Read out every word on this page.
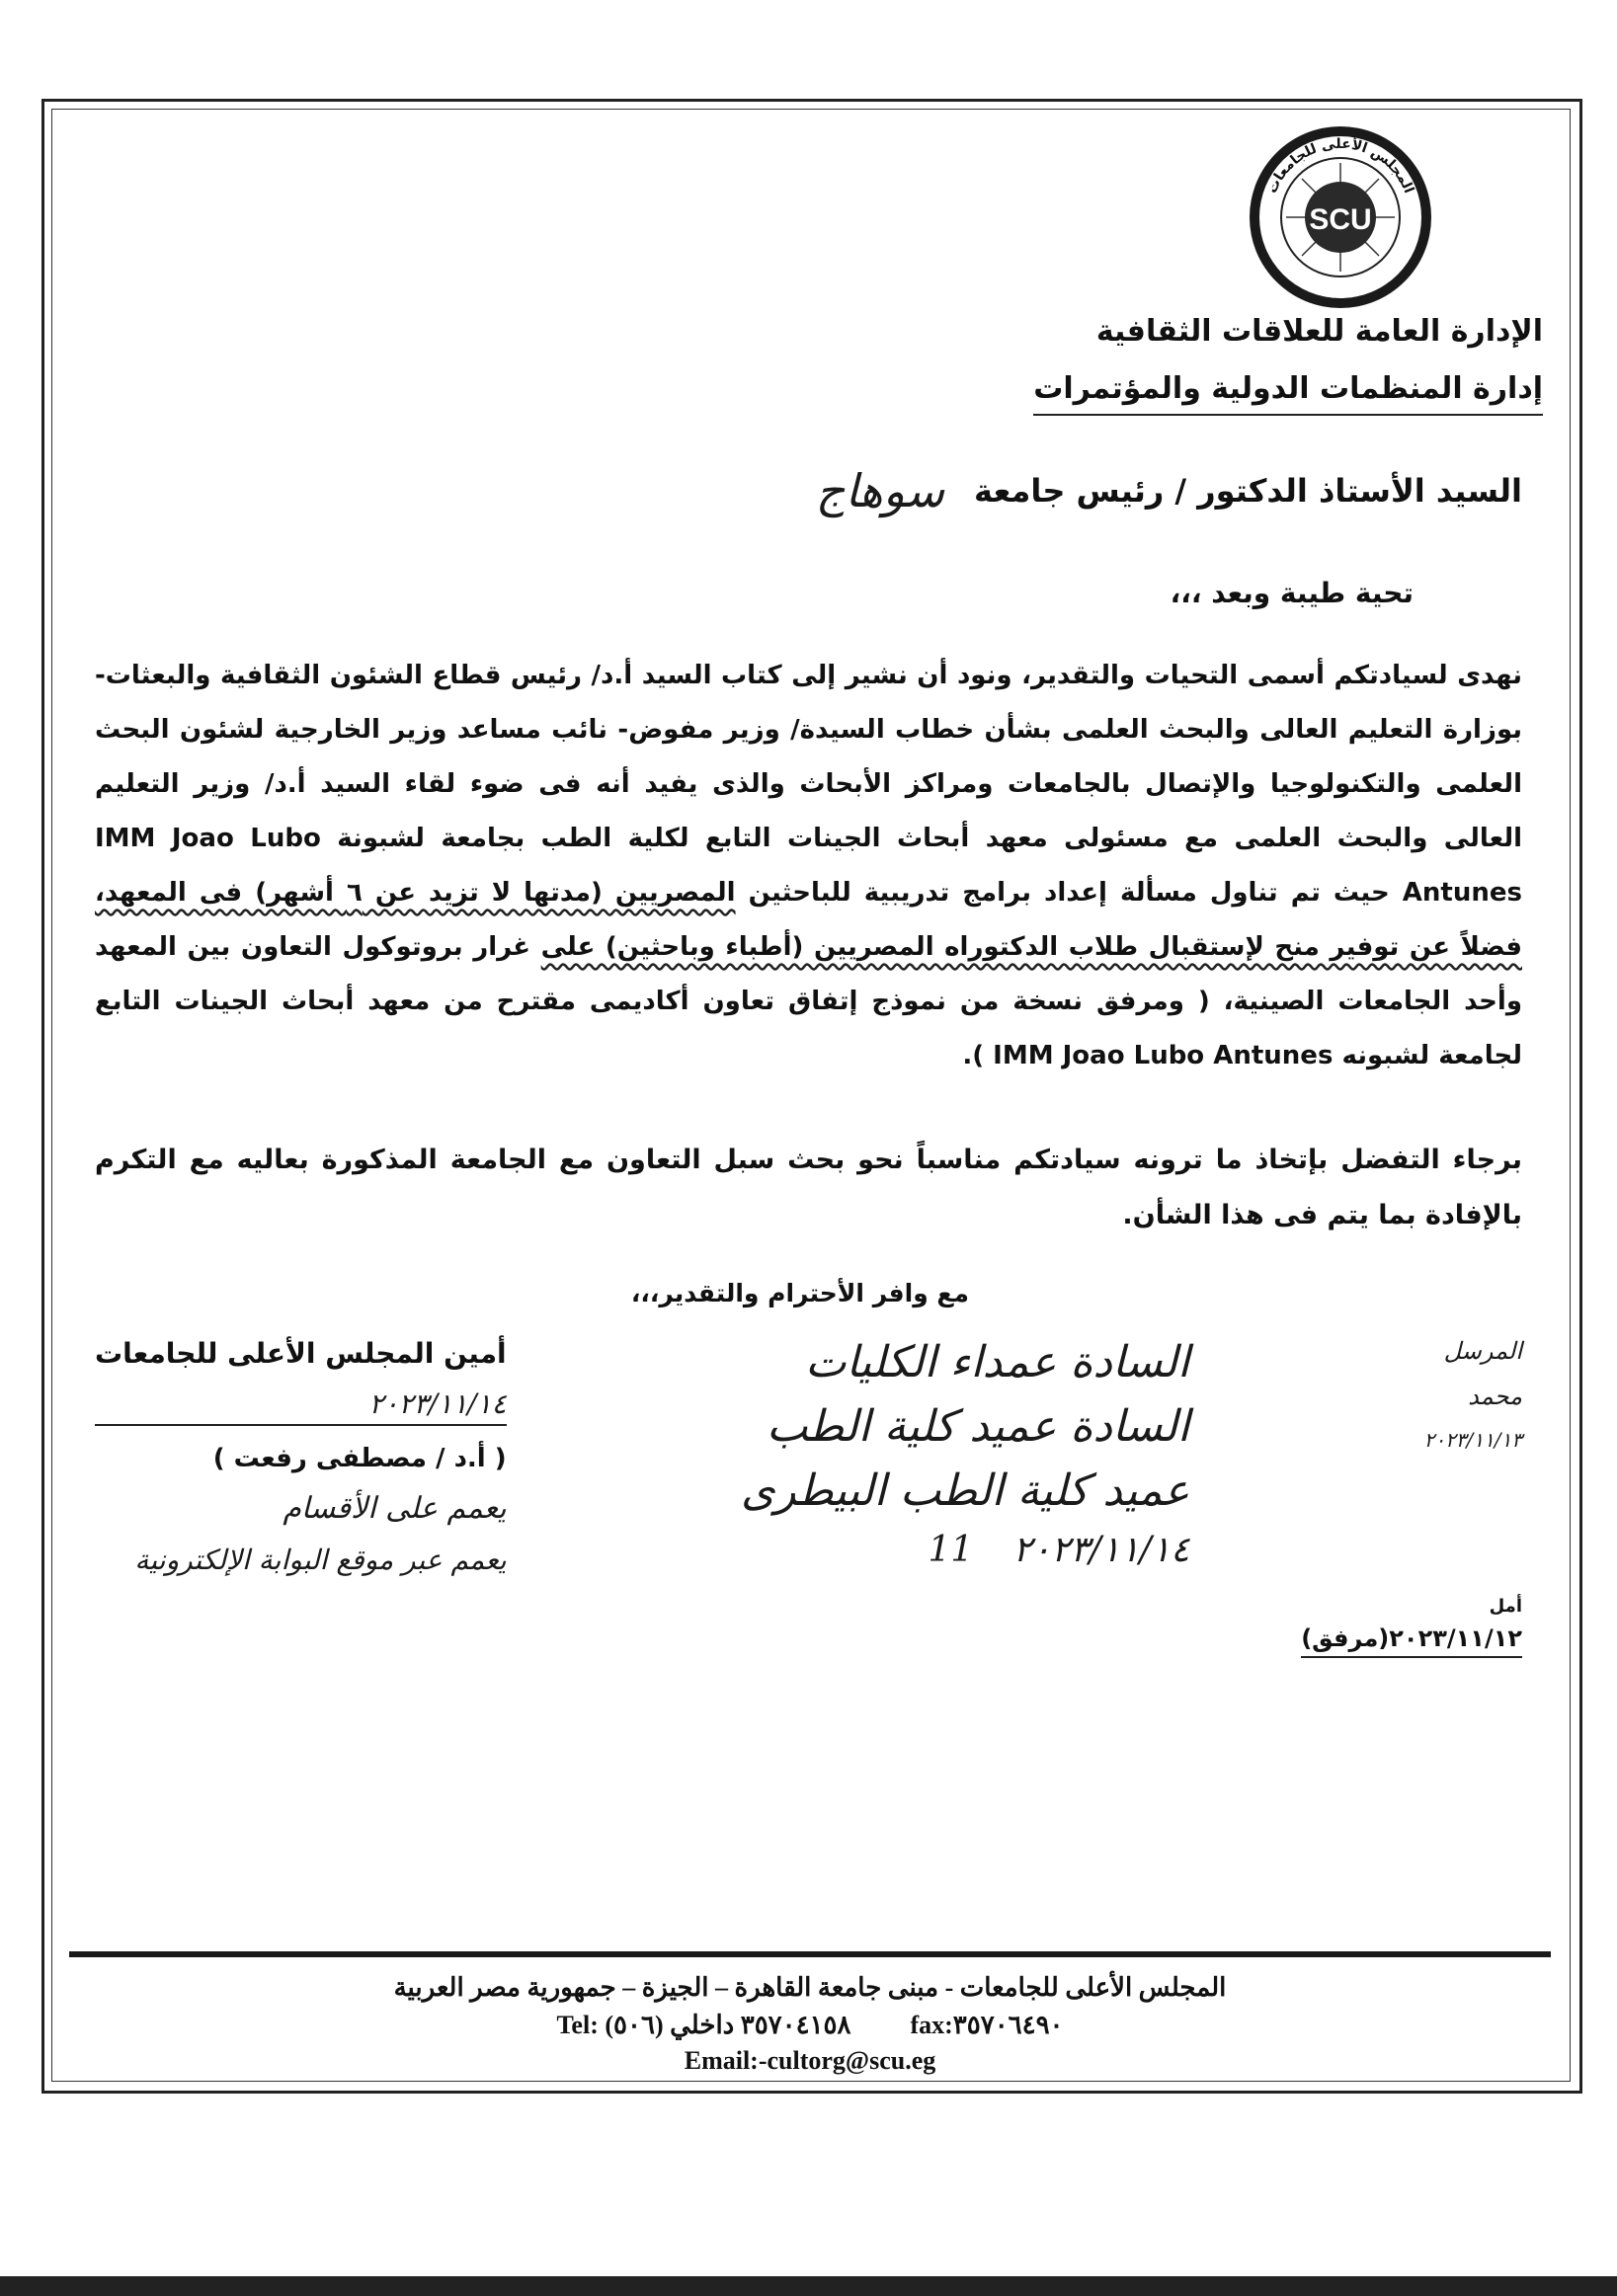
SCU
المجلس الأعلى للجامعات
SUPREME COUNCIL OF UNIVERSITIES
الإدارة العامة للعلاقات الثقافية
إدارة المنظمات الدولية والمؤتمرات
السيد الأستاذ الدكتور / رئيس جامعة
سوهاج
تحية طيبة وبعد ،،،
نهدى لسيادتكم أسمى التحيات والتقدير، ونود أن نشير إلى كتاب السيد أ.د/ رئيس قطاع الشئون الثقافية والبعثات- بوزارة التعليم العالى والبحث العلمى بشأن خطاب السيدة/ وزير مفوض- نائب مساعد وزير الخارجية لشئون البحث العلمى والتكنولوجيا والإتصال بالجامعات ومراكز الأبحاث والذى يفيد أنه فى ضوء لقاء السيد أ.د/ وزير التعليم العالى والبحث العلمى مع مسئولى معهد أبحاث الجينات التابع لكلية الطب بجامعة لشبونة IMM Joao Lubo Antunes حيث تم تناول مسألة إعداد برامج تدريبية للباحثين المصريين (مدتها لا تزيد عن ٦ أشهر) فى المعهد، فضلاً عن توفير منح لإستقبال طلاب الدكتوراه المصريين (أطباء وباحثين) على غرار بروتوكول التعاون بين المعهد وأحد الجامعات الصينية، ( ومرفق نسخة من نموذج إتفاق تعاون أكاديمى مقترح من معهد أبحاث الجينات التابع لجامعة لشبونه IMM Joao Lubo Antunes ).
برجاء التفضل بإتخاذ ما ترونه سيادتكم مناسباً نحو بحث سبل التعاون مع الجامعة المذكورة بعاليه مع التكرم بالإفادة بما يتم فى هذا الشأن.
مع وافر الأحترام والتقدير،،،
المرسل
محمد
٢٠٢٣/١١/١٣
السادة عمداء الكليات
السادة عميد كلية الطب
عميد كلية الطب البيطرى
٢٠٢٣/١١/١٤
11
أمين المجلس الأعلى للجامعات
٢٠٢٣/١١/١٤
( أ.د / مصطفى رفعت )
يعمم على الأقسام
يعمم عبر موقع البوابة الإلكترونية
أمل
٢٠٢٣/١١/١٢(مرفق)
المجلس الأعلى للجامعات - مبنى جامعة القاهرة – الجيزة – جمهورية مصر العربية
Tel: ٣٥٧٠٤١٥٨ داخلي (٥٠٦) fax:٣٥٧٠٦٤٩٠
Email:-cultorg@scu.eg
